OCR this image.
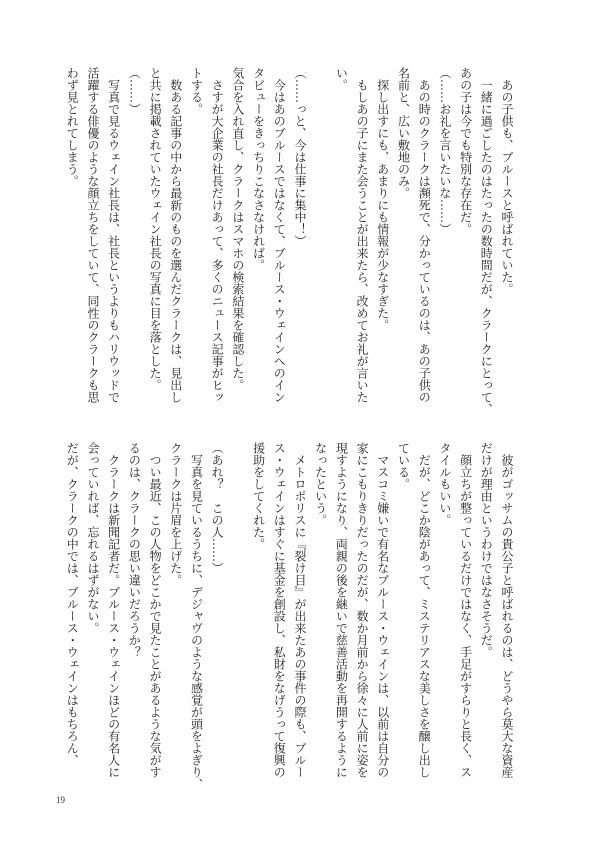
あの子供も、ブルースと呼ばれていた。

一緒に過ごしたのはたったの数時間だが、クラークにとって、

あの子は今でも特別な存在だ。

（……お礼を言いたいな……）

あの時のクラークは瀕死で、分かっているのは、あの子供の

名前と、広い敷地のみ。

探し出すにも、あまりにも情報が少なすぎた。

もしあの子にまた会うことが出来たら、改めてお礼が言いた

い。

（……っと、今は仕事に集中！）

今はあのブルースではなくて、ブルース・ウェインへのイン

タビューをきっちりこなさなければ。

気合を入れ直し、クラークはスマホの検索結果を確認した。

さすが大企業の社長だけあって、多くのニュース記事がヒッ

トする。

数ある記事の中から最新のものを選んだクラークは、見出し

と共に掲載されていたウェイン社長の写真に目を落とした。

（……）

写真で見るウェイン社長は、社長というよりもハリウッドで

活躍する俳優のような顔立ちをしていて、同性のクラークも思

わず見とれてしまう。

彼がゴッサムの貴公子と呼ばれるのは、どうやら莫大な資産

だけが理由というわけではなさそうだ。

顔立ちが整っているだけではなく、手足がすらりと長く、ス

タイルもいい。

だが、どこか陰があって、ミステリアスな美しさを醸し出し

ている。

マスコミ嫌いで有名なブルース・ウェインは、以前は自分の

家にこもりきりだったのだが、数か月前から徐々に人前に姿を

現すようになり、両親の後を継いで慈善活動を再開するように

なったという。

メトロポリスに『裂け目』が出来たあの事件の際も、ブルー

ス・ウェインはすぐに基金を創設し、私財をなげうって復興の

援助をしてくれた。

（あれ？　この人……）

写真を見ているうちに、デジャヴのような感覚が頭をよぎり、

クラークは片眉を上げた。

つい最近、この人物をどこかで見たことがあるような気がす

るのは、クラークの思い違いだろうか？

クラークは新聞記者だ。ブルース・ウェインほどの有名人に

会っていれば、忘れるはずがない。

だが、クラークの中では、ブルース・ウェインはもちろん、

19
